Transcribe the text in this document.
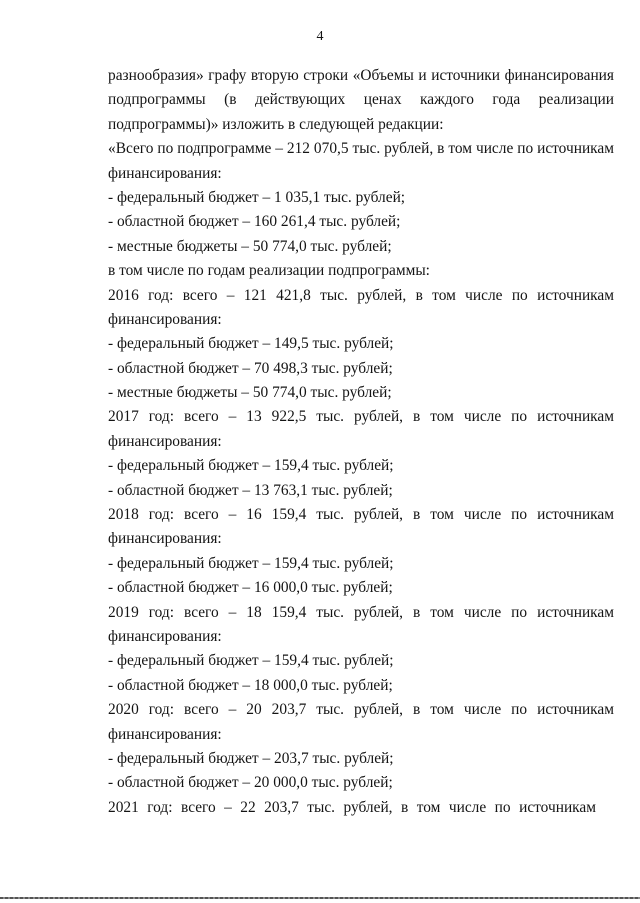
4
разнообразия» графу вторую строки «Объемы и источники финансирования
подпрограммы (в действующих ценах каждого года реализации
подпрограммы)» изложить в следующей редакции:
«Всего по подпрограмме – 212 070,5 тыс. рублей, в том числе по источникам
финансирования:
- федеральный бюджет – 1 035,1 тыс. рублей;
- областной бюджет – 160 261,4 тыс. рублей;
- местные бюджеты – 50 774,0 тыс. рублей;
в том числе по годам реализации подпрограммы:
2016 год: всего – 121 421,8 тыс. рублей, в том числе по источникам
финансирования:
- федеральный бюджет – 149,5 тыс. рублей;
- областной бюджет – 70 498,3 тыс. рублей;
- местные бюджеты – 50 774,0 тыс. рублей;
2017 год: всего – 13 922,5 тыс. рублей, в том числе по источникам
финансирования:
- федеральный бюджет – 159,4 тыс. рублей;
- областной бюджет – 13 763,1 тыс. рублей;
2018 год: всего – 16 159,4 тыс. рублей, в том числе по источникам
финансирования:
- федеральный бюджет – 159,4 тыс. рублей;
- областной бюджет – 16 000,0 тыс. рублей;
2019 год: всего – 18 159,4 тыс. рублей, в том числе по источникам
финансирования:
- федеральный бюджет – 159,4 тыс. рублей;
- областной бюджет – 18 000,0 тыс. рублей;
2020 год: всего – 20 203,7 тыс. рублей, в том числе по источникам
финансирования:
- федеральный бюджет – 203,7 тыс. рублей;
- областной бюджет – 20 000,0 тыс. рублей;
2021 год: всего – 22 203,7 тыс. рублей, в том числе по источникам
